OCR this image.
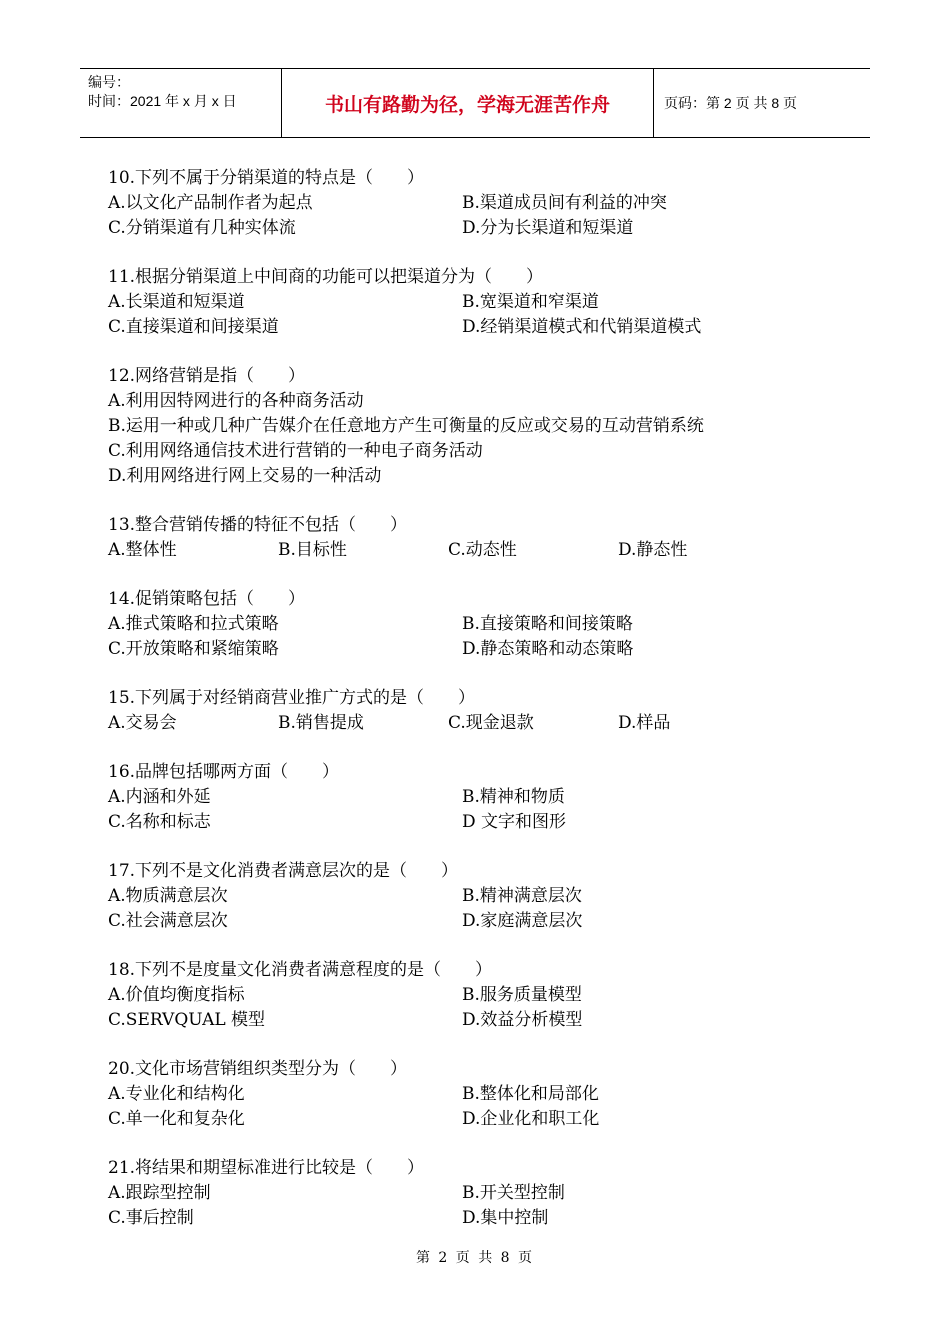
编号：
时间：2021 年 x 月 x 日	书山有路勤为径，学海无涯苦作舟	页码：第 2 页 共 8 页
10.下列不属于分销渠道的特点是（　　）
A.以文化产品制作者为起点	B.渠道成员间有利益的冲突
C.分销渠道有几种实体流	D.分为长渠道和短渠道
11.根据分销渠道上中间商的功能可以把渠道分为（　　）
A.长渠道和短渠道	B.宽渠道和窄渠道
C.直接渠道和间接渠道	D.经销渠道模式和代销渠道模式
12.网络营销是指（　　）
A.利用因特网进行的各种商务活动
B.运用一种或几种广告媒介在任意地方产生可衡量的反应或交易的互动营销系统
C.利用网络通信技术进行营销的一种电子商务活动
D.利用网络进行网上交易的一种活动
13.整合营销传播的特征不包括（　　）
A.整体性	B.目标性	C.动态性	D.静态性
14.促销策略包括（　　）
A.推式策略和拉式策略	B.直接策略和间接策略
C.开放策略和紧缩策略	D.静态策略和动态策略
15.下列属于对经销商营业推广方式的是（　　）
A.交易会	B.销售提成	C.现金退款	D.样品
16.品牌包括哪两方面（　　）
A.内涵和外延	B.精神和物质
C.名称和标志	D 文字和图形
17.下列不是文化消费者满意层次的是（　　）
A.物质满意层次	B.精神满意层次
C.社会满意层次	D.家庭满意层次
18.下列不是度量文化消费者满意程度的是（　　）
A.价值均衡度指标	B.服务质量模型
C.SERVQUAL 模型	D.效益分析模型
20.文化市场营销组织类型分为（　　）
A.专业化和结构化	B.整体化和局部化
C.单一化和复杂化	D.企业化和职工化
21.将结果和期望标准进行比较是（　　）
A.跟踪型控制	B.开关型控制
C.事后控制	D.集中控制
第 2 页 共 8 页
